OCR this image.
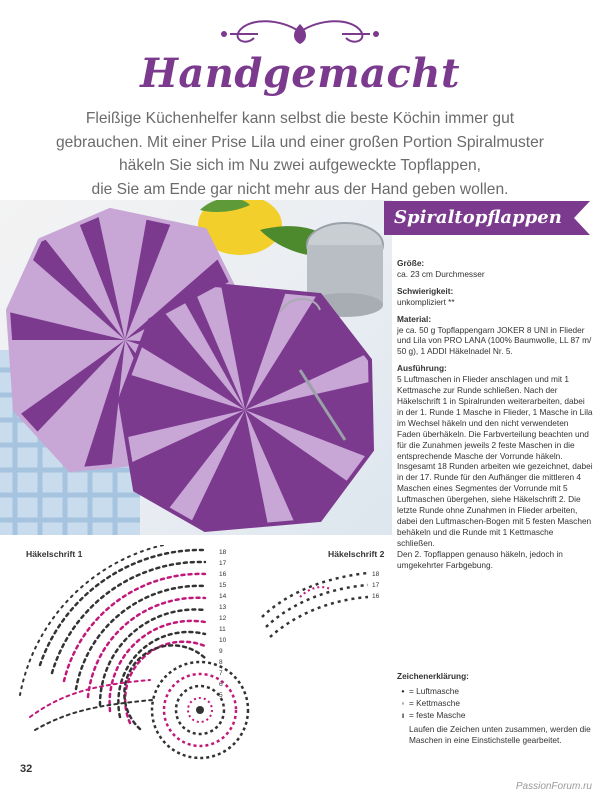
Handgemacht
Fleißige Küchenhelfer kann selbst die beste Köchin immer gut
gebrauchen. Mit einer Prise Lila und einer großen Portion Spiralmuster
häkeln Sie sich im Nu zwei aufgeweckte Topflappen,
die Sie am Ende gar nicht mehr aus der Hand geben wollen.
Spiraltopflappen

Größe:

ca. 23 cm Durchmesser

Schwierigkeit:

unkompliziert **

Material:

je ca. 50 g Topflappengarn JOKER 8 UNI in Flieder und Lila von PRO LANA (100% Baumwolle, LL 87 m/ 50 g), 1 ADDI Häkelnadel Nr. 5.

Ausführung:

5 Luftmaschen in Flieder anschlagen und mit 1 Kettmasche zur Runde schließen. Nach der Häkelschrift 1 in Spiralrunden weiterarbeiten, dabei in der 1. Runde 1 Masche in Flieder, 1 Masche in Lila im Wechsel häkeln und den nicht verwendeten Faden überhäkeln. Die Farbverteilung beachten und für die Zunahmen jeweils 2 feste Maschen in die entsprechende Masche der Vorrunde häkeln. Insgesamt 18 Runden arbeiten wie gezeichnet, dabei in der 17. Runde für den Aufhänger die mittleren 4 Maschen eines Segmentes der Vorrunde mit 5 Luftmaschen übergehen, siehe Häkelschrift 2. Die letzte Runde ohne Zunahmen in Flieder arbeiten, dabei den Luftmaschen-Bogen mit 5 festen Maschen behäkeln und die Runde mit 1 Kettmasche schließen.

Den 2. Topflappen genauso häkeln, jedoch in umgekehrter Farbgebung.

Zeichenerklärung:

• = Luftmasche
◦ = Kettmasche
ı = feste Masche

Laufen die Zeichen unten zusammen, werden die Maschen in eine Einstichstelle gearbeitet.

Häkelschrift 1	Häkelschrift 2
18
17
16
15
14
13
12
11
10
9
8
7
6
5
18
17
16
32
PassionForum.ru
